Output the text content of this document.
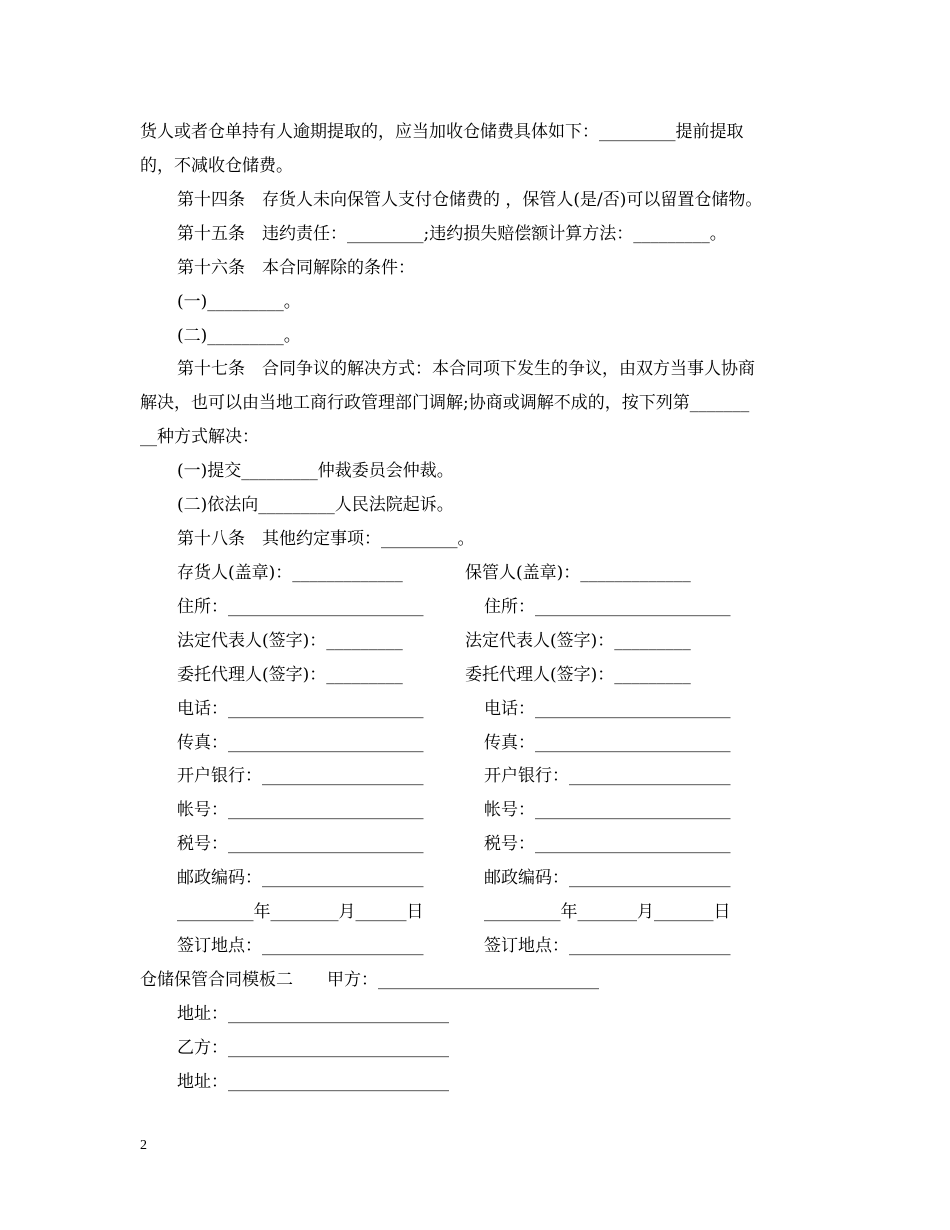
货人或者仓单持有人逾期提取的，应当加收仓储费具体如下：_________提前提取
的，不减收仓储费。
第十四条　存货人未向保管人支付仓储费的 ，保管人(是/否)可以留置仓储物。
第十五条　违约责任：_________;违约损失赔偿额计算方法：_________。
第十六条　本合同解除的条件：
(一)_________。
(二)_________。
第十七条　合同争议的解决方式：本合同项下发生的争议，由双方当事人协商
解决，也可以由当地工商行政管理部门调解;协商或调解不成的，按下列第_______
__种方式解决：
(一)提交_________仲裁委员会仲裁。
(二)依法向_________人民法院起诉。
第十八条　其他约定事项：_________。
存货人(盖章)：_____________
住所：_______________________
法定代表人(签字)：_________
委托代理人(签字)：_________
电话：_______________________
传真：_______________________
开户银行：___________________
帐号：_______________________
税号：_______________________
邮政编码：___________________
_________年________月______日
签订地点：___________________
保管人(盖章)：_____________
住所：_______________________
法定代表人(签字)：_________
委托代理人(签字)：_________
电话：_______________________
传真：_______________________
开户银行：___________________
帐号：_______________________
税号：_______________________
邮政编码：___________________
_________年_______月_______日
签订地点：___________________
仓储保管合同模板二　　甲方：__________________________
地址：__________________________
乙方：__________________________
地址：__________________________
2
